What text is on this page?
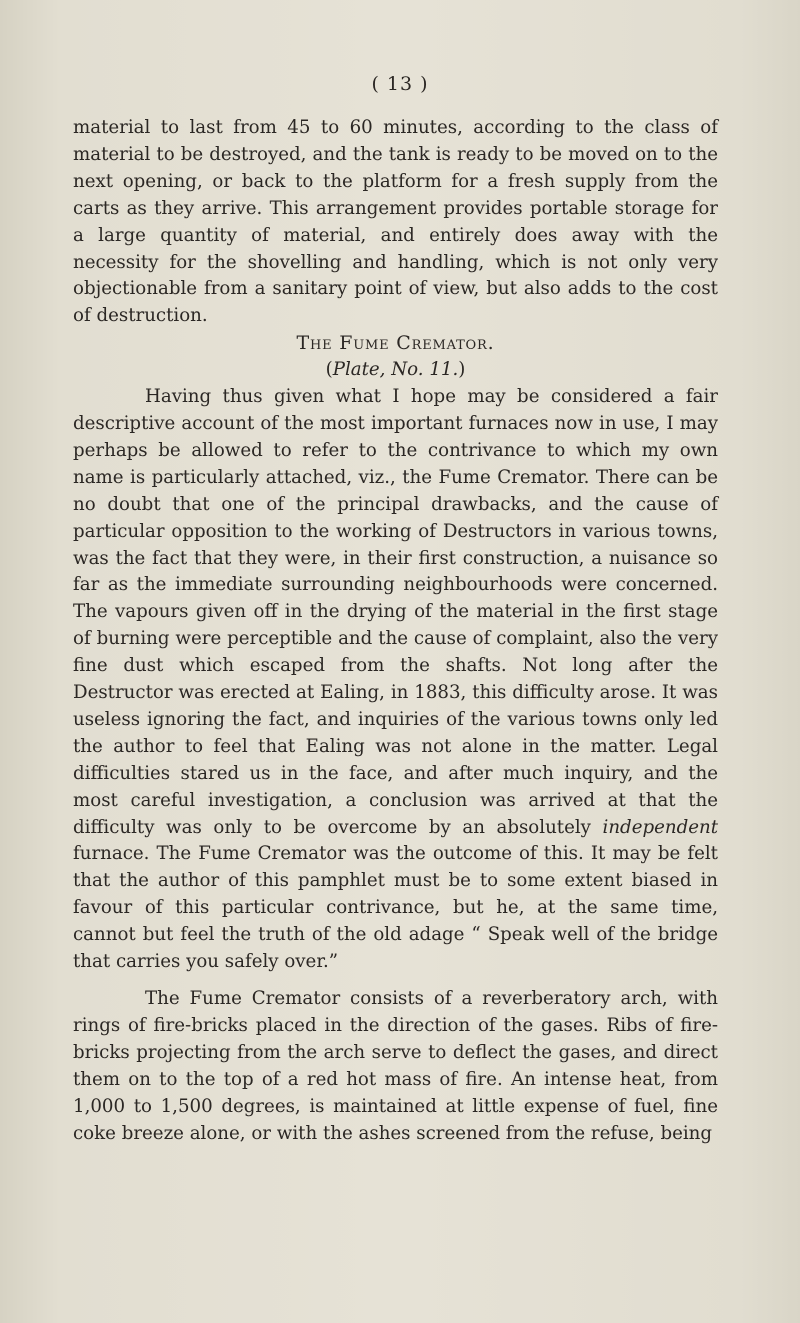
( 13 )

material to last from 45 to 60 minutes, according to the class of material to be destroyed, and the tank is ready to be moved on to the next opening, or back to the platform for a fresh supply from the carts as they arrive. This arrangement provides portable storage for a large quantity of material, and entirely does away with the necessity for the shovelling and handling, which is not only very objectionable from a sanitary point of view, but also adds to the cost of destruction.

The Fume Cremator.

(Plate, No. 11.)

Having thus given what I hope may be considered a fair descriptive account of the most important furnaces now in use, I may perhaps be allowed to refer to the contrivance to which my own name is particularly attached, viz., the Fume Cremator. There can be no doubt that one of the principal drawbacks, and the cause of particular opposition to the working of Destructors in various towns, was the fact that they were, in their first construction, a nuisance so far as the immediate surrounding neighbourhoods were concerned. The vapours given off in the drying of the material in the first stage of burning were perceptible and the cause of complaint, also the very fine dust which escaped from the shafts. Not long after the Destructor was erected at Ealing, in 1883, this difficulty arose. It was useless ignoring the fact, and inquiries of the various towns only led the author to feel that Ealing was not alone in the matter. Legal difficulties stared us in the face, and after much inquiry, and the most careful investigation, a conclusion was arrived at that the difficulty was only to be overcome by an absolutely independent furnace. The Fume Cremator was the outcome of this. It may be felt that the author of this pamphlet must be to some extent biased in favour of this particular contrivance, but he, at the same time, cannot but feel the truth of the old adage “ Speak well of the bridge that carries you safely over.”

The Fume Cremator consists of a reverberatory arch, with rings of fire-bricks placed in the direction of the gases. Ribs of fire-bricks projecting from the arch serve to deflect the gases, and direct them on to the top of a red hot mass of fire. An intense heat, from 1,000 to 1,500 degrees, is maintained at little expense of fuel, fine coke breeze alone, or with the ashes screened from the refuse, being
